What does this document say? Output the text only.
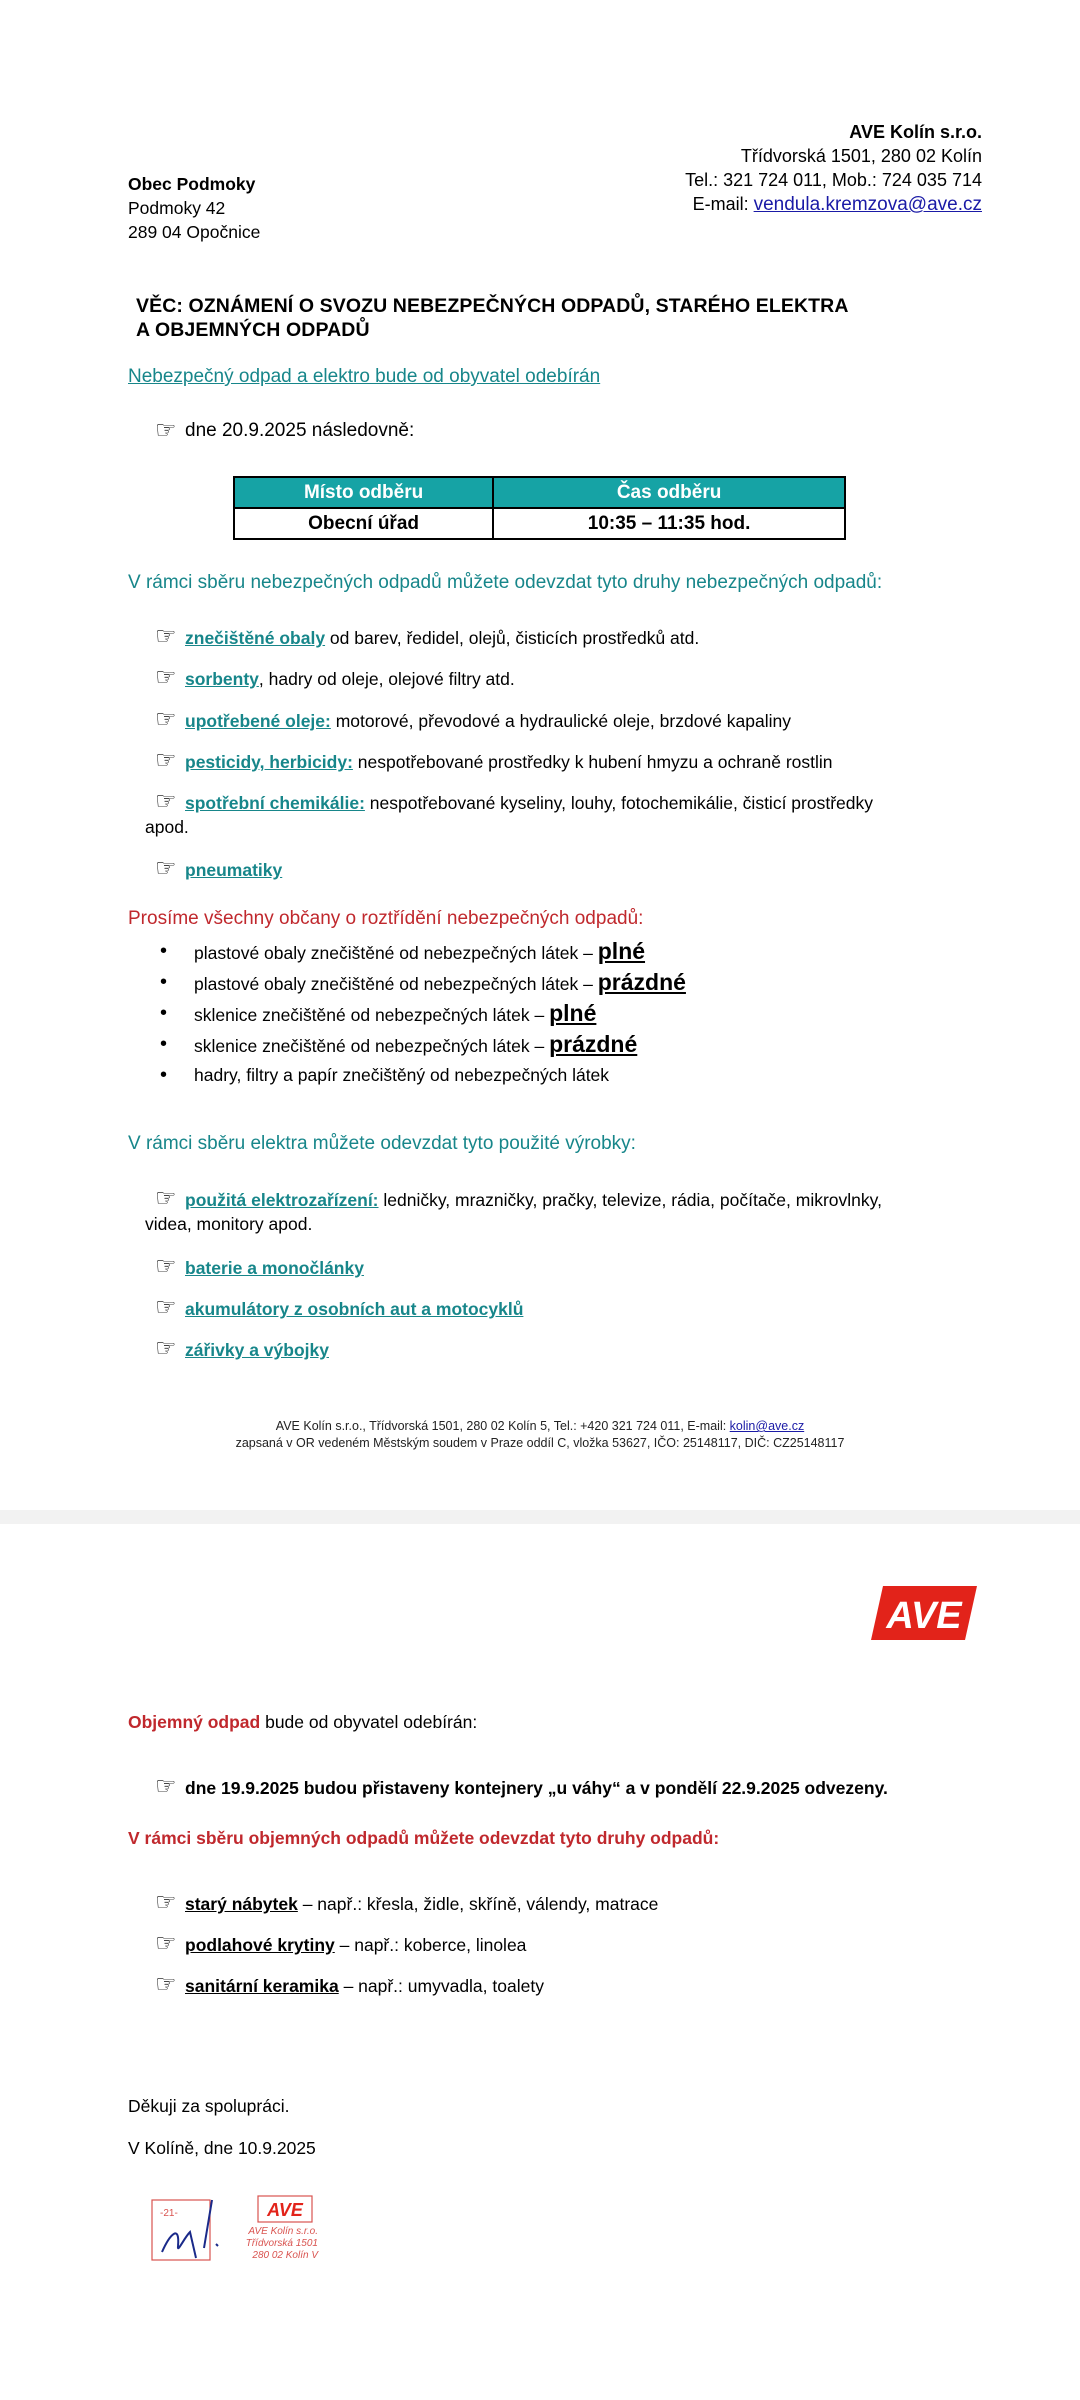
AVE Kolín s.r.o.
Třídvorská 1501, 280 02 Kolín
Tel.: 321 724 011, Mob.: 724 035 714
E-mail: vendula.kremzova@ave.cz
Obec Podmoky
Podmoky 42
289 04 Opočnice
VĚC: OZNÁMENÍ O SVOZU NEBEZPEČNÝCH ODPADŮ, STARÉHO ELEKTRA
A OBJEMNÝCH ODPADŮ
Nebezpečný odpad a elektro bude od obyvatel odebírán
☞ dne 20.9.2025 následovně:
Místo odběru	Čas odběru
Obecní úřad	10:35 – 11:35 hod.
V rámci sběru nebezpečných odpadů můžete odevzdat tyto druhy nebezpečných odpadů:
☞ znečištěné obaly od barev, ředidel, olejů, čisticích prostředků atd.
☞ sorbenty, hadry od oleje, olejové filtry atd.
☞ upotřebené oleje: motorové, převodové a hydraulické oleje, brzdové kapaliny
☞ pesticidy, herbicidy: nespotřebované prostředky k hubení hmyzu a ochraně rostlin
☞ spotřební chemikálie: nespotřebované kyseliny, louhy, fotochemikálie, čisticí prostředky
apod.
☞ pneumatiky
Prosíme všechny občany o roztřídění nebezpečných odpadů:
• plastové obaly znečištěné od nebezpečných látek – plné
• plastové obaly znečištěné od nebezpečných látek – prázdné
• sklenice znečištěné od nebezpečných látek – plné
• sklenice znečištěné od nebezpečných látek – prázdné
• hadry, filtry a papír znečištěný od nebezpečných látek
V rámci sběru elektra můžete odevzdat tyto použité výrobky:
☞ použitá elektrozařízení: ledničky, mrazničky, pračky, televize, rádia, počítače, mikrovlnky,
videa, monitory apod.
☞ baterie a monočlánky
☞ akumulátory z osobních aut a motocyklů
☞ zářivky a výbojky
AVE Kolín s.r.o., Třídvorská 1501, 280 02 Kolín 5, Tel.: +420 321 724 011, E-mail: kolin@ave.cz
zapsaná v OR vedeném Městským soudem v Praze oddíl C, vložka 53627, IČO: 25148117, DIČ: CZ25148117
AVE
Objemný odpad bude od obyvatel odebírán:
☞ dne 19.9.2025 budou přistaveny kontejnery „u váhy“ a v pondělí 22.9.2025 odvezeny.
V rámci sběru objemných odpadů můžete odevzdat tyto druhy odpadů:
☞ starý nábytek – např.: křesla, židle, skříně, válendy, matrace
☞ podlahové krytiny – např.: koberce, linolea
☞ sanitární keramika – např.: umyvadla, toalety
Děkuji za spolupráci.
V Kolíně, dne 10.9.2025
-21-	AVE
AVE Kolín s.r.o.
Třídvorská 1501
280 02 Kolín V
